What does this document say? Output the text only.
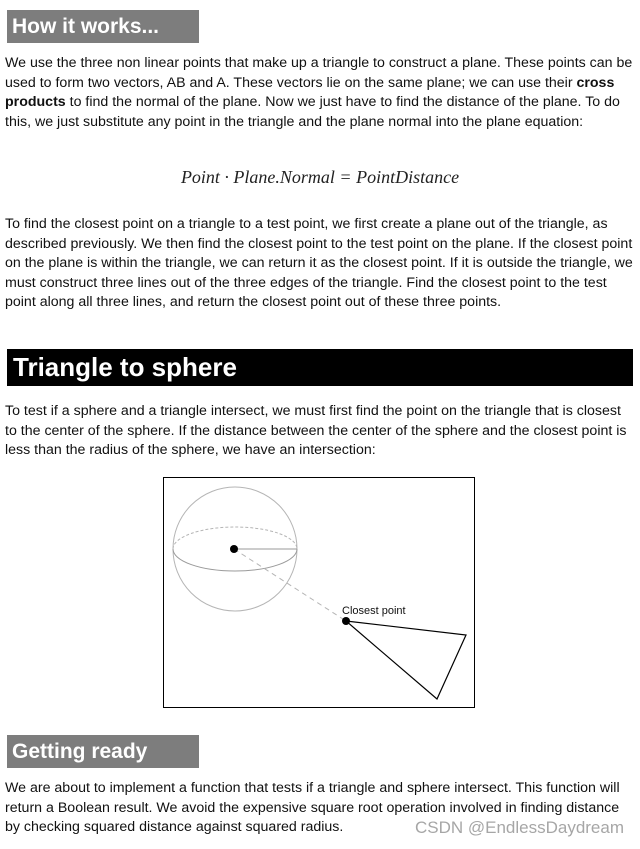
How it works...

We use the three non linear points that make up a triangle to construct a plane. These points can be used to form two vectors, AB and A. These vectors lie on the same plane; we can use their cross products to find the normal of the plane. Now we just have to find the distance of the plane. To do this, we just substitute any point in the triangle and the plane normal into the plane equation:

Point · Plane.Normal = PointDistance

To find the closest point on a triangle to a test point, we first create a plane out of the triangle, as described previously. We then find the closest point to the test point on the plane. If the closest point on the plane is within the triangle, we can return it as the closest point. If it is outside the triangle, we must construct three lines out of the three edges of the triangle. Find the closest point to the test point along all three lines, and return the closest point out of these three points.

Triangle to sphere

To test if a sphere and a triangle intersect, we must first find the point on the triangle that is closest to the center of the sphere. If the distance between the center of the sphere and the closest point is less than the radius of the sphere, we have an intersection:

Closest point
Getting ready

We are about to implement a function that tests if a triangle and sphere intersect. This function will return a Boolean result. We avoid the expensive square root operation involved in finding distance by checking squared distance against squared radius.	CSDN @EndlessDaydream
